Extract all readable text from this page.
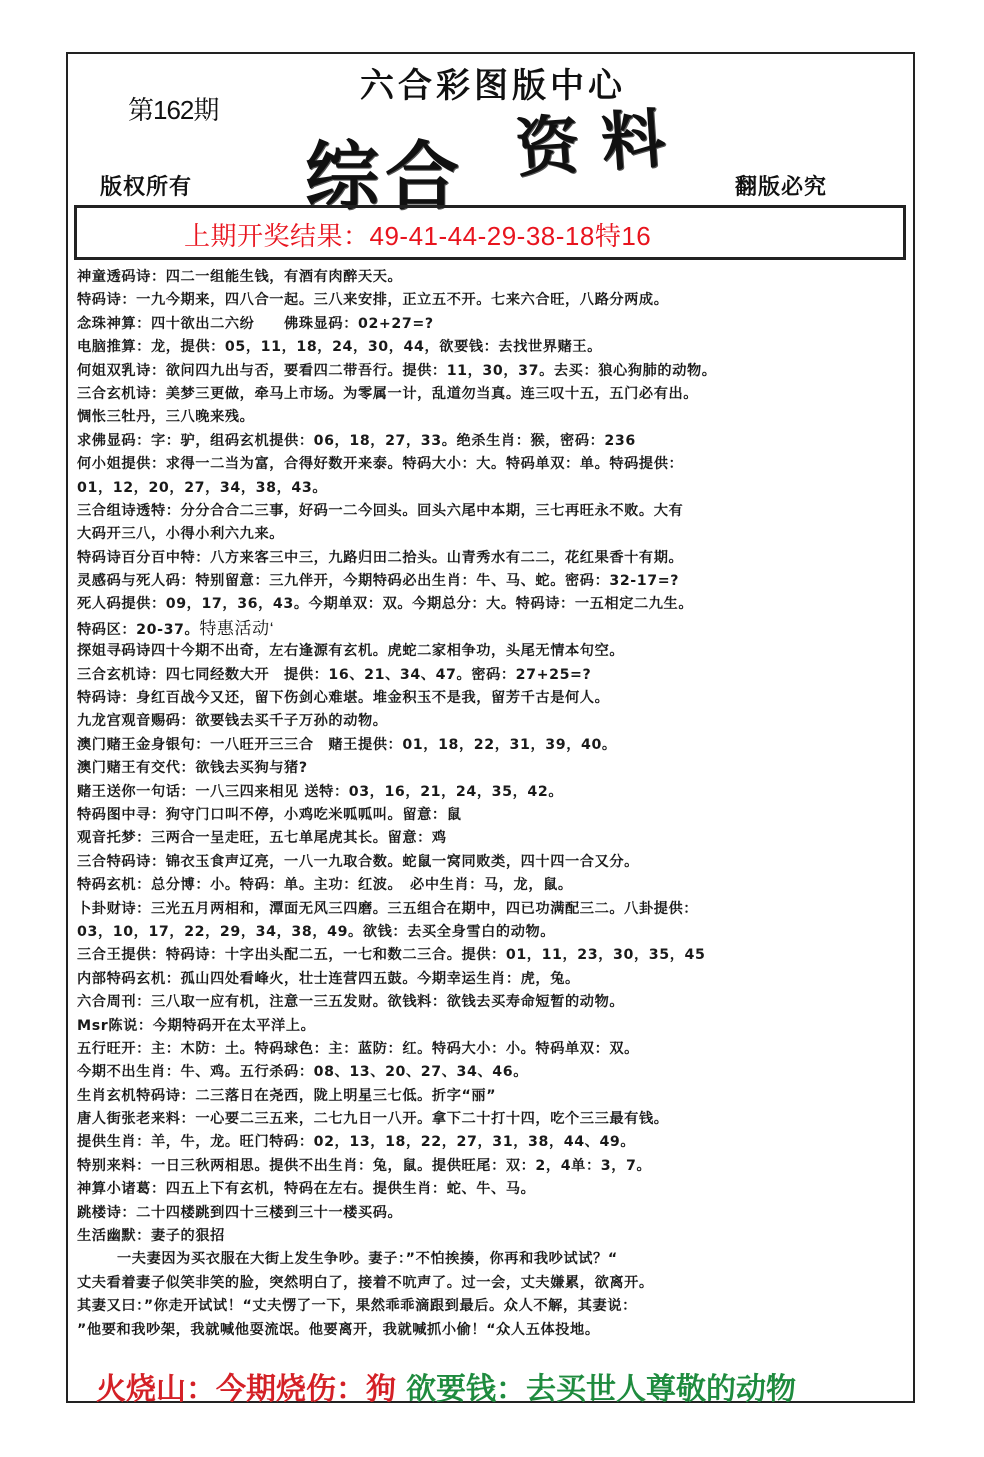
第162期
六合彩图版中心
综合 资料
版权所有	翻版必究
上期开奖结果：49-41-44-29-38-18特16
神童透码诗：四二一组能生钱，有酒有肉醉天天。
特码诗：一九今期来，四八合一起。三八来安排，正立五不开。七来六合旺，八路分两成。
念珠神算：四十欲出二六纷　　佛珠显码：02+27=?
电脑推算：龙，提供：05，11，18，24，30，44，欲要钱：去找世界赌王。
何姐双乳诗：欲问四九出与否，要看四二带吾行。提供：11，30，37。去买：狼心狗肺的动物。
三合玄机诗：美梦三更做，牵马上市场。为零属一计，乱道勿当真。连三叹十五，五门必有出。
惆怅三牡丹，三八晚来残。
求佛显码：字：驴，组码玄机提供：06，18，27，33。绝杀生肖：猴，密码：236
何小姐提供：求得一二当为富，合得好数开来泰。特码大小：大。特码单双：单。特码提供：
01，12，20，27，34，38，43。
三合组诗透特：分分合合二三事，好码一二今回头。回头六尾中本期，三七再旺永不败。大有
大码开三八，小得小利六九来。
特码诗百分百中特：八方来客三中三，九路归田二拾头。山青秀水有二二，花红果香十有期。
灵感码与死人码：特别留意：三九伴开，今期特码必出生肖：牛、马、蛇。密码：32-17=?
死人码提供：09，17，36，43。今期单双：双。今期总分：大。特码诗：一五相定二九生。
特码区：20-37。特惠活动‘
探姐寻码诗四十今期不出奇，左右逢源有玄机。虎蛇二家相争功，头尾无情本句空。
三合玄机诗：四七同经数大开　提供：16、21、34、47。密码：27+25=?
特码诗：身红百战今又还，留下伤剑心难堪。堆金积玉不是我，留芳千古是何人。
九龙宫观音赐码：欲要钱去买千子万孙的动物。
澳门赌王金身银句：一八旺开三三合　赌王提供：01，18，22，31，39，40。
澳门赌王有交代：欲钱去买狗与猪?
赌王送你一句话：一八三四来相见 送特：03，16，21，24，35，42。
特码图中寻：狗守门口叫不停，小鸡吃米呱呱叫。留意：鼠
观音托梦：三两合一呈走旺，五七单尾虎其长。留意：鸡
三合特码诗：锦衣玉食声辽亮，一八一九取合数。蛇鼠一窝同败类，四十四一合又分。
特码玄机：总分博：小。特码：单。主功：红波。　必中生肖：马，龙，鼠。
卜卦财诗：三光五月两相和，潭面无风三四磨。三五组合在期中，四已功满配三二。八卦提供：
03，10，17，22，29，34，38，49。欲钱：去买全身雪白的动物。
三合王提供：特码诗：十字出头配二五，一七和数二三合。提供：01，11，23，30，35，45
内部特码玄机：孤山四处看峰火，壮士连营四五鼓。今期幸运生肖：虎，兔。
六合周刊：三八取一应有机，注意一三五发财。欲钱料：欲钱去买寿命短暂的动物。
Msr陈说：今期特码开在太平洋上。
五行旺开：主：木防：土。特码球色：主：蓝防：红。特码大小：小。特码单双：双。
今期不出生肖：牛、鸡。五行杀码：08、13、20、27、34、46。
生肖玄机特码诗：二三落日在尧西，陇上明星三七低。折字“丽”
唐人街张老来料：一心要二三五来，二七九日一八开。拿下二十打十四，吃个三三最有钱。
提供生肖：羊，牛，龙。旺门特码：02，13，18，22，27，31，38，44、49。
特别来料：一日三秋两相思。提供不出生肖：兔，鼠。提供旺尾：双：2，4单：3，7。
神算小诸葛：四五上下有玄机，特码在左右。提供生肖：蛇、牛、马。
跳楼诗：二十四楼跳到四十三楼到三十一楼买码。
生活幽默：妻子的狠招
一夫妻因为买衣服在大街上发生争吵。妻子：”不怕挨揍，你再和我吵试试？“
丈夫看着妻子似笑非笑的脸，突然明白了，接着不吭声了。过一会，丈夫嫌累，欲离开。
其妻又曰：”你走开试试！“丈夫愣了一下，果然乖乖滴跟到最后。众人不解，其妻说：
”他要和我吵架，我就喊他耍流氓。他要离开，我就喊抓小偷！“众人五体投地。
火烧山：今期烧伤：狗 欲要钱：去买世人尊敬的动物
